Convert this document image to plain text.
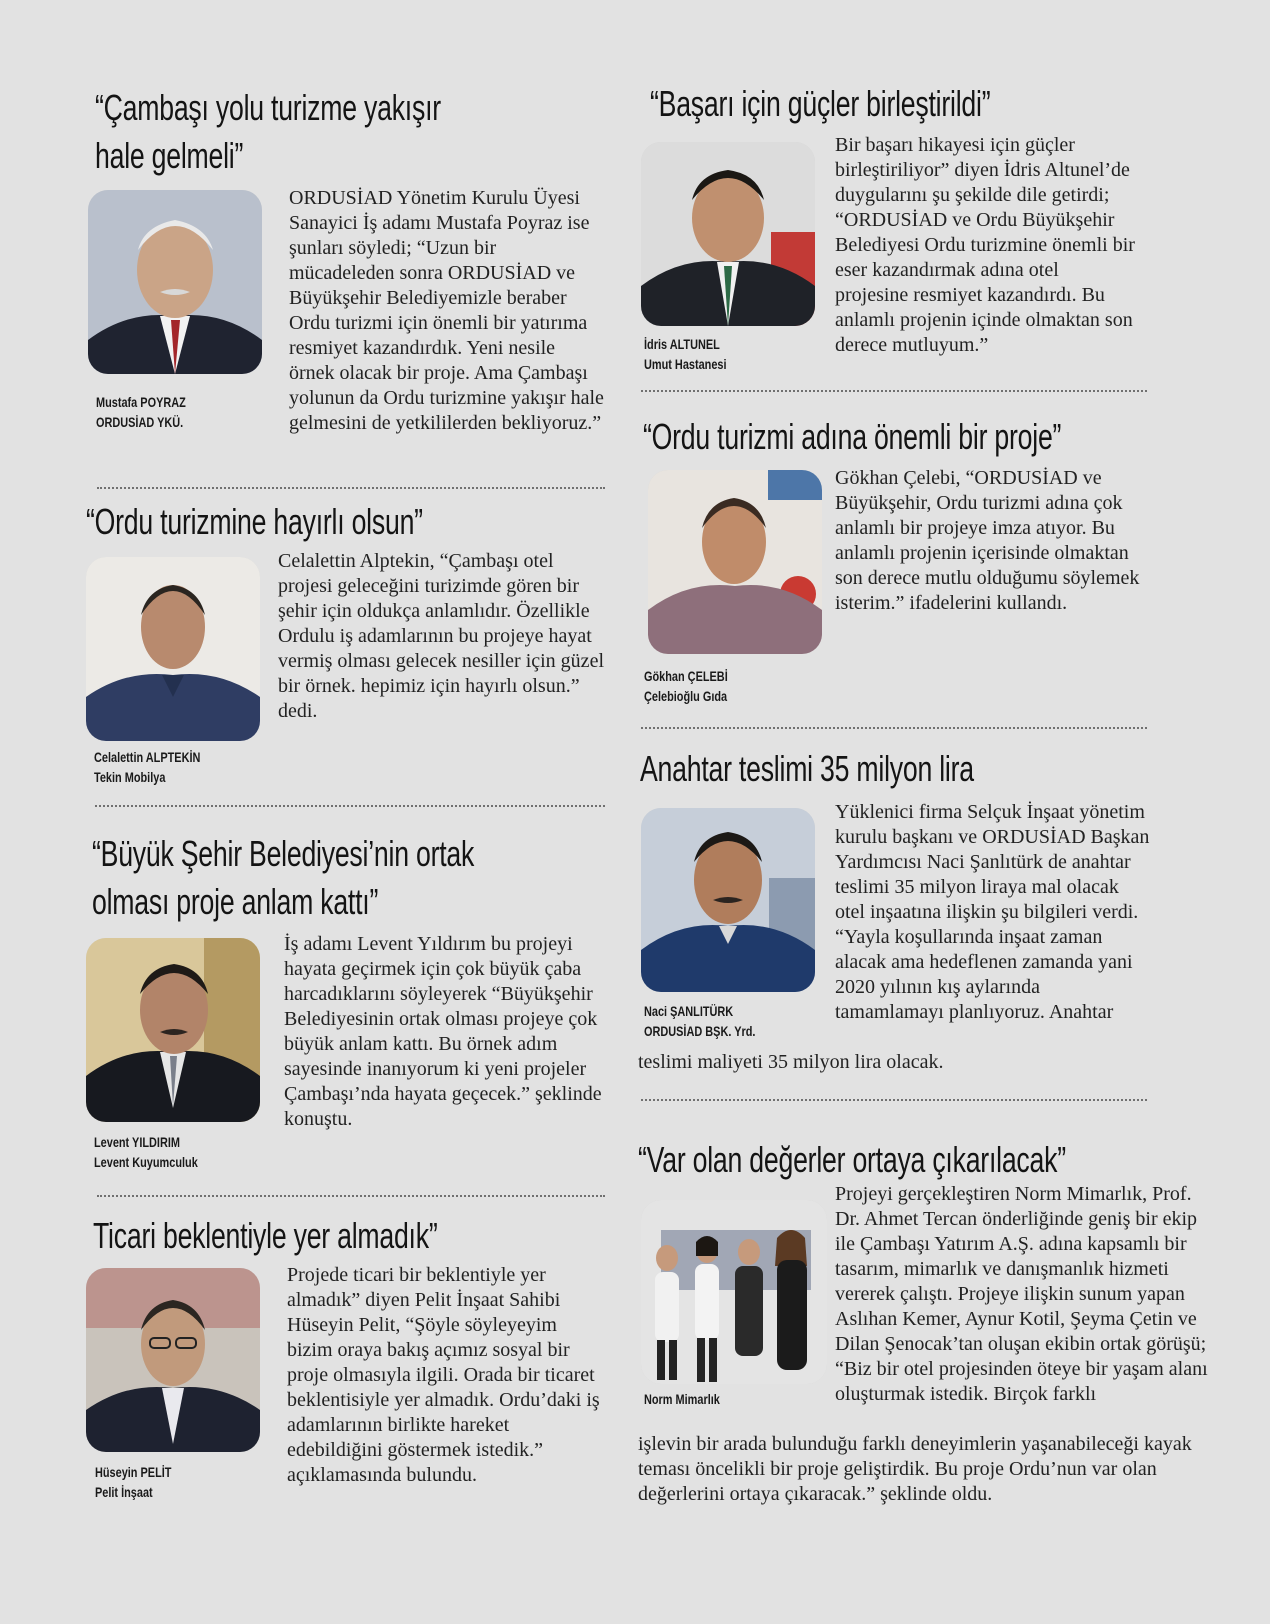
“Çambaşı yolu turizme yakışır
hale gelmeli”
Mustafa POYRAZ
ORDUSİAD YKÜ.
ORDUSİAD Yönetim Kurulu Üyesi Sanayici İş adamı Mustafa Poyraz ise şunları söyledi; “Uzun bir mücadeleden sonra ORDUSİAD ve Büyükşehir Belediyemizle beraber Ordu turizmi için önemli bir yatırıma resmiyet kazandırdık. Yeni nesile örnek olacak bir proje. Ama Çambaşı yolunun da Ordu turizmine yakışır hale gelmesini de yetkililerden bekliyoruz.”
“Ordu turizmine hayırlı olsun”
Celalettin ALPTEKİN
Tekin Mobilya
Celalettin Alptekin, “Çambaşı otel projesi geleceğini turizimde gören bir şehir için oldukça anlamlıdır. Özellikle Ordulu iş adamlarının bu projeye hayat vermiş olması gelecek nesiller için güzel bir örnek. hepimiz için hayırlı olsun.” dedi.
“Büyük Şehir Belediyesi’nin ortak
olması proje anlam kattı”
Levent YILDIRIM
Levent Kuyumculuk
İş adamı Levent Yıldırım bu projeyi hayata geçirmek için çok büyük çaba harcadıklarını söyleyerek “Büyükşehir Belediyesinin ortak olması projeye çok büyük anlam kattı. Bu örnek adım sayesinde inanıyorum ki yeni projeler Çambaşı’nda hayata geçecek.” şeklinde konuştu.
Ticari beklentiyle yer almadık”
Hüseyin PELİT
Pelit İnşaat
Projede ticari bir beklentiyle yer almadık” diyen Pelit İnşaat Sahibi Hüseyin Pelit, “Şöyle söyleyeyim bizim oraya bakış açımız sosyal bir proje olmasıyla ilgili. Orada bir ticaret beklentisiyle yer almadık. Ordu’daki iş adamlarının birlikte hareket edebildiğini göstermek istedik.” açıklamasında bulundu.
“Başarı için güçler birleştirildi”
İdris ALTUNEL
Umut Hastanesi
Bir başarı hikayesi için güçler birleştiriliyor” diyen İdris Altunel’de duygularını şu şekilde dile getirdi; “ORDUSİAD ve Ordu Büyükşehir Belediyesi Ordu turizmine önemli bir eser kazandırmak adına otel projesine resmiyet kazandırdı. Bu anlamlı projenin içinde olmaktan son derece mutluyum.”
“Ordu turizmi adına önemli bir proje”
Gökhan ÇELEBİ
Çelebioğlu Gıda
Gökhan Çelebi, “ORDUSİAD ve Büyükşehir, Ordu turizmi adına çok anlamlı bir projeye imza atıyor. Bu anlamlı projenin içerisinde olmaktan son derece mutlu olduğumu söylemek isterim.” ifadelerini kullandı.
Anahtar teslimi 35 milyon lira
Naci ŞANLITÜRK
ORDUSİAD BŞK. Yrd.
Yüklenici firma Selçuk İnşaat yönetim kurulu başkanı ve ORDUSİAD Başkan Yardımcısı Naci Şanlıtürk de anahtar teslimi 35 milyon liraya mal olacak otel inşaatına ilişkin şu bilgileri verdi. “Yayla koşullarında inşaat zaman alacak ama hedeflenen zamanda yani 2020 yılının kış aylarında tamamlamayı planlıyoruz. Anahtar
teslimi maliyeti 35 milyon lira olacak.
“Var olan değerler ortaya çıkarılacak”
Norm Mimarlık
Projeyi gerçekleştiren Norm Mimarlık, Prof. Dr. Ahmet Tercan önderliğinde geniş bir ekip ile Çambaşı Yatırım A.Ş. adına kapsamlı bir tasarım, mimarlık ve danışmanlık hizmeti vererek çalıştı. Projeye ilişkin sunum yapan Aslıhan Kemer, Aynur Kotil, Şeyma Çetin ve Dilan Şenocak’tan oluşan ekibin ortak görüşü; “Biz bir otel projesinden öteye bir yaşam alanı oluşturmak istedik. Birçok farklı
işlevin bir arada bulunduğu farklı deneyimlerin yaşanabileceği kayak teması öncelikli bir proje geliştirdik. Bu proje Ordu’nun var olan değerlerini ortaya çıkaracak.” şeklinde oldu.
